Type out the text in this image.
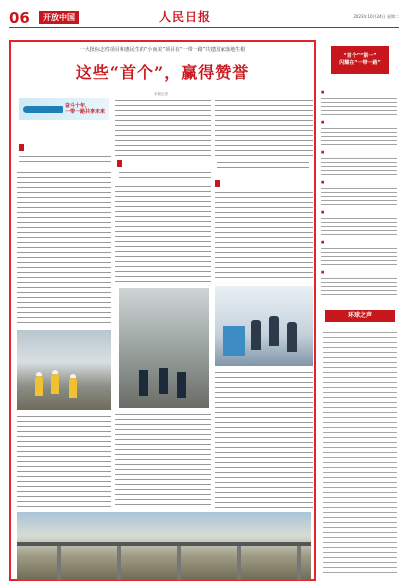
06	开放中国	人民日报	2023年10月24日 星期二
一大批标志性项目和惠民生的“小而美”项目在“一带一路”共建国家落地生根
这些“首个”，赢得赞誉
本报记者
奋斗十年，
一带一路共享未来

“首个”“第一”
闪耀在“一带一路”
■
■
■
■
■
■
■
环球之声
